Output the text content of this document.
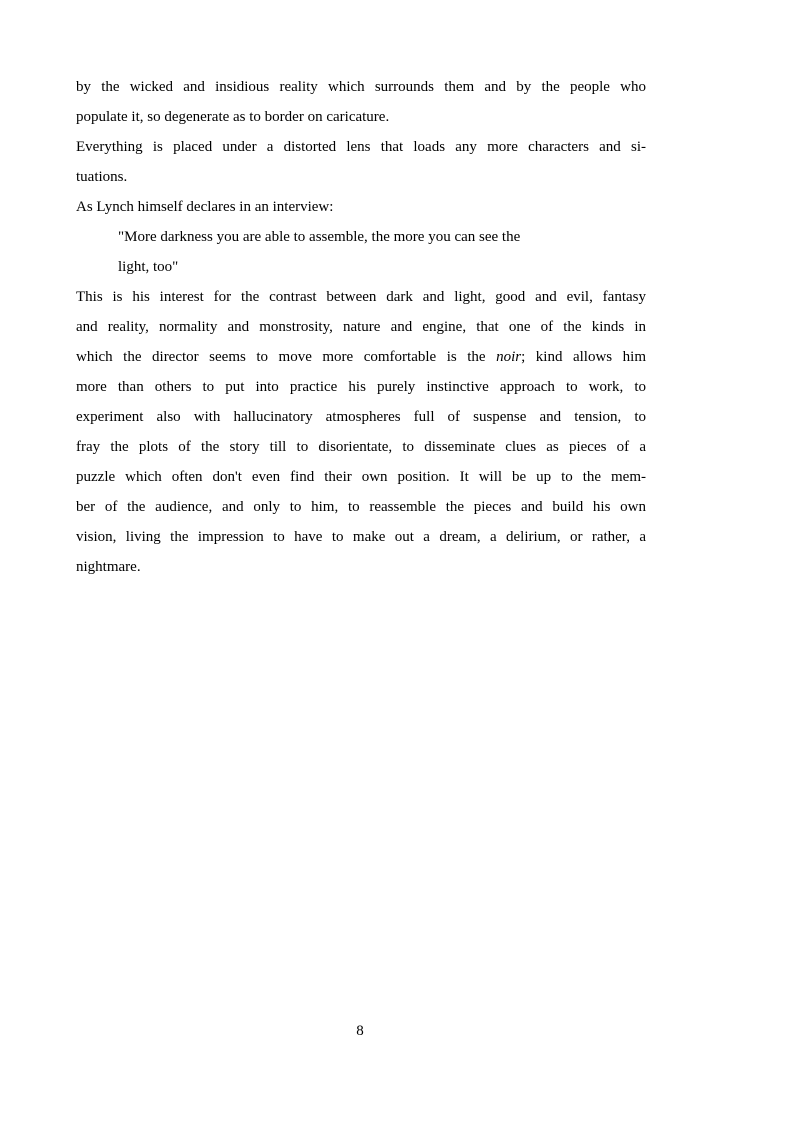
by the wicked and insidious reality which surrounds them and by the people who
populate it, so degenerate as to border on caricature.
Everything is placed under a distorted lens that loads any more characters and si-
tuations.
As Lynch himself declares in an interview:
"More darkness you are able to assemble, the more you can see the
light, too"
This is his interest for the contrast between dark and light, good and evil, fantasy
and reality, normality and monstrosity, nature and engine, that one of the kinds in
which the director seems to move more comfortable is the noir; kind allows him
more than others to put into practice his purely instinctive approach to work, to
experiment also with hallucinatory atmospheres full of suspense and tension, to
fray the plots of the story till to disorientate, to disseminate clues as pieces of a
puzzle which often don't even find their own position. It will be up to the mem-
ber of the audience, and only to him, to reassemble the pieces and build his own
vision, living the impression to have to make out a dream, a delirium, or rather, a
nightmare.
8
